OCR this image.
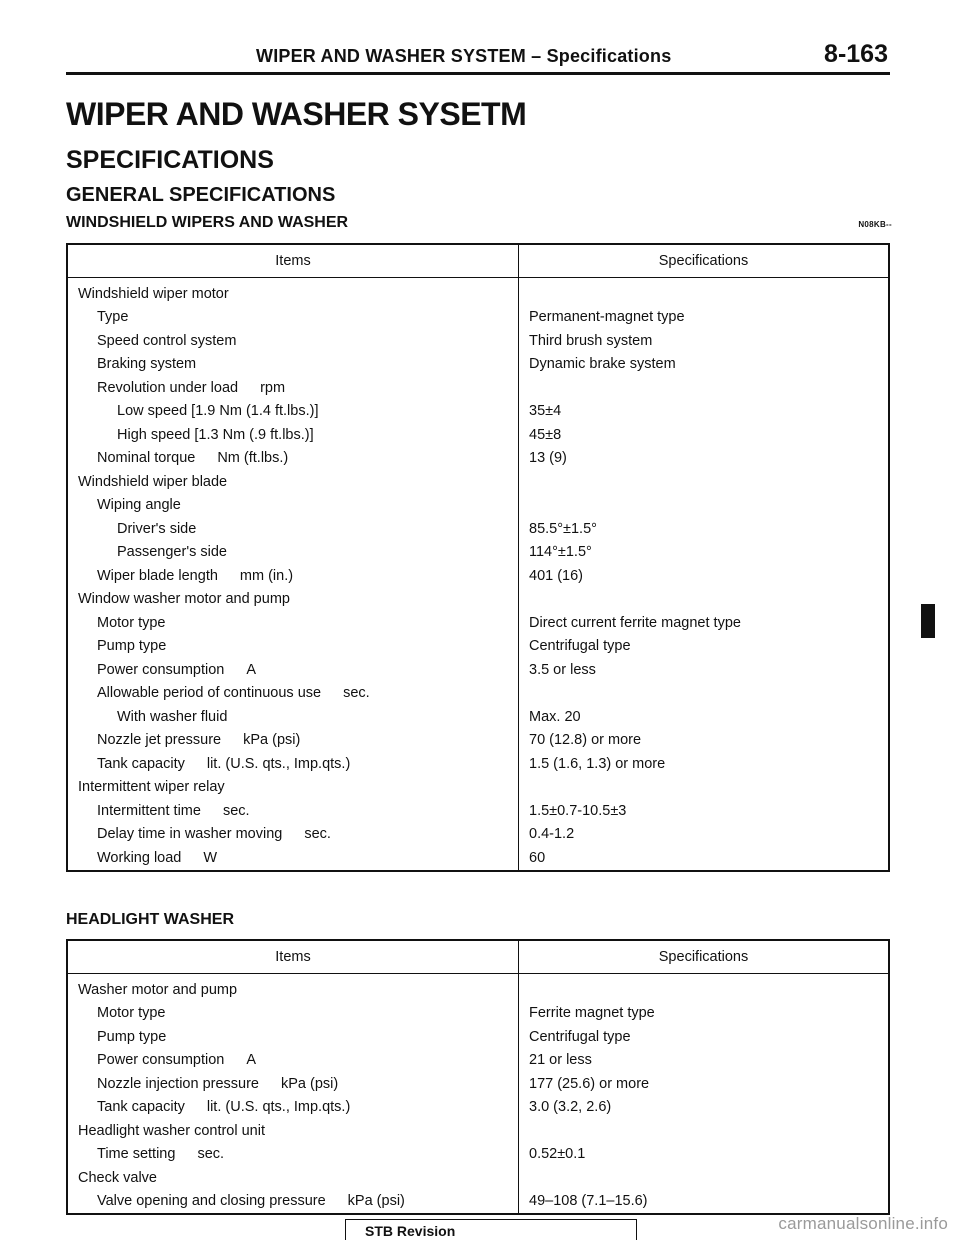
WIPER AND WASHER SYSTEM – Specifications	8-163
WIPER AND WASHER SYSETM
SPECIFICATIONS
GENERAL SPECIFICATIONS
WINDSHIELD WIPERS AND WASHER	N08KB--
Items	Specifications
Windshield wiper motor	
Type	Permanent-magnet type
Speed control system	Third brush system
Braking system	Dynamic brake system
Revolution under load rpm	
Low speed [1.9 Nm (1.4 ft.lbs.)]	35±4
High speed [1.3 Nm (.9 ft.lbs.)]	45±8
Nominal torque Nm (ft.lbs.)	13 (9)
Windshield wiper blade	
Wiping angle	
Driver's side	85.5°±1.5°
Passenger's side	114°±1.5°
Wiper blade length mm (in.)	401 (16)
Window washer motor and pump	
Motor type	Direct current ferrite magnet type
Pump type	Centrifugal type
Power consumption A	3.5 or less
Allowable period of continuous use sec.	
With washer fluid	Max. 20
Nozzle jet pressure kPa (psi)	70 (12.8) or more
Tank capacity lit. (U.S. qts., Imp.qts.)	1.5 (1.6, 1.3) or more
Intermittent wiper relay	
Intermittent time sec.	1.5±0.7-10.5±3
Delay time in washer moving sec.	0.4-1.2
Working load W	60
HEADLIGHT WASHER
Items	Specifications
Washer motor and pump	
Motor type	Ferrite magnet type
Pump type	Centrifugal type
Power consumption A	21 or less
Nozzle injection pressure kPa (psi)	177 (25.6) or more
Tank capacity lit. (U.S. qts., Imp.qts.)	3.0 (3.2, 2.6)
Headlight washer control unit	
Time setting sec.	0.52±0.1
Check valve	
Valve opening and closing pressure kPa (psi)	49–108 (7.1–15.6)
STB Revision	carmanualsonline.info
